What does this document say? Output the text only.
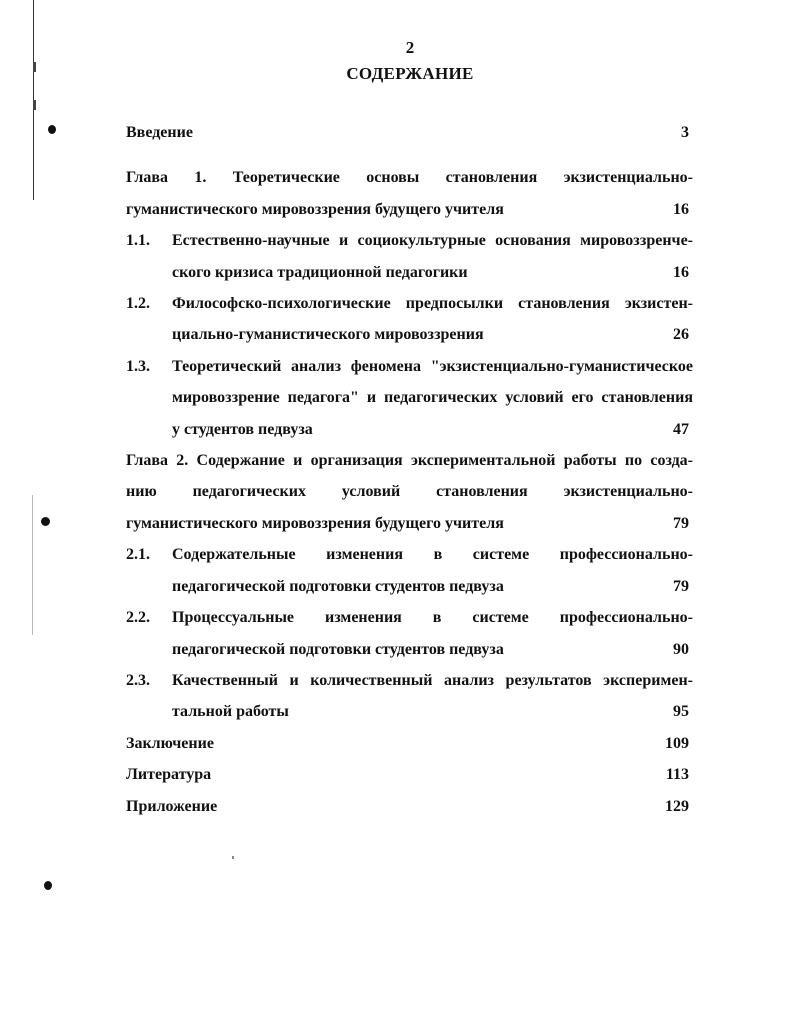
2
СОДЕРЖАНИЕ
Введение	3
Глава 1. Теоретические основы становления экзистенциально-
гуманистического мировоззрения будущего учителя	16
1.1. Естественно-научные и социокультурные основания мировоззренче-
ского кризиса традиционной педагогики	16
1.2. Философско-психологические предпосылки становления экзистен-
циально-гуманистического мировоззрения	26
1.3. Теоретический анализ феномена "экзистенциально-гуманистическое
мировоззрение педагога" и педагогических условий его становления
у студентов педвуза	47
Глава 2. Содержание и организация экспериментальной работы по созда-
нию педагогических условий становления экзистенциально-
гуманистического мировоззрения будущего учителя	79
2.1. Содержательные изменения в системе профессионально-
педагогической подготовки студентов педвуза	79
2.2. Процессуальные изменения в системе профессионально-
педагогической подготовки студентов педвуза	90
2.3. Качественный и количественный анализ результатов эксперимен-
тальной работы	95
Заключение	109
Литература	113
Приложение	129
